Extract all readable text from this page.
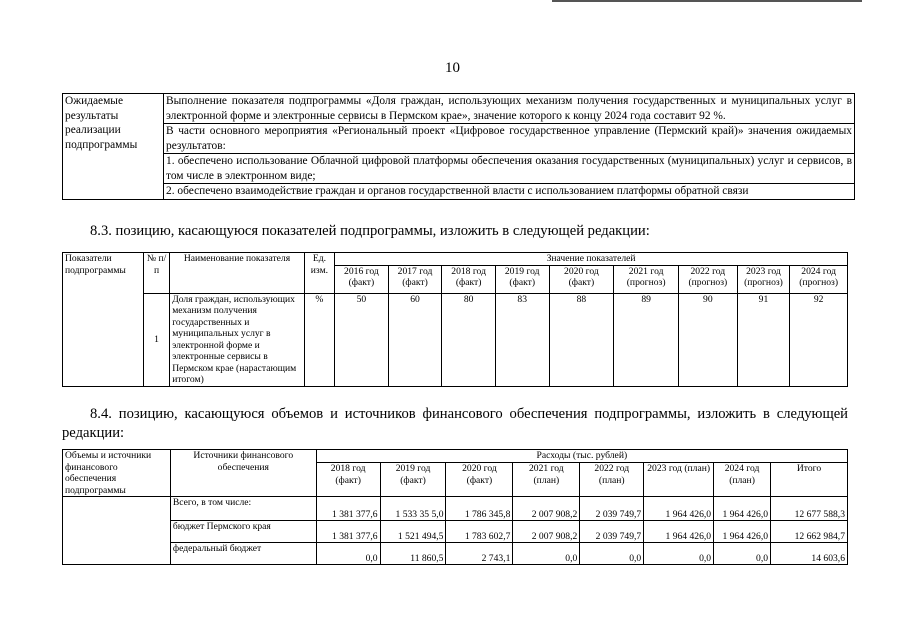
10
Ожидаемые результаты реализации подпрограммы	Выполнение показателя подпрограммы «Доля граждан, использующих механизм получения государственных и муниципальных услуг в электронной форме и электронные сервисы в Пермском крае», значение которого к концу 2024 года составит 92 %.
В части основного мероприятия «Региональный проект «Цифровое государственное управление (Пермский край)» значения ожидаемых результатов:
1. обеспечено использование Облачной цифровой платформы обеспечения оказания государственных (муниципальных) услуг и сервисов, в том числе в электронном виде;
2. обеспечено взаимодействие граждан и органов государственной власти с использованием платформы обратной связи
8.3. позицию, касающуюся показателей подпрограммы, изложить в следующей редакции:
Показатели подпрограммы	№ п/п	Наименование показателя	Ед. изм.	Значение показателей								
				2016 год (факт)	2017 год (факт)	2018 год (факт)	2019 год (факт)	2020 год (факт)	2021 год (прогноз)	2022 год (прогноз)	2023 год (прогноз)	2024 год (прогноз)
	1	Доля граждан, использующих механизм получения государственных и муниципальных услуг в электронной форме и электронные сервисы в Пермском крае (нарастающим итогом)	%	50	60	80	83	88	89	90	91	92
8.4. позицию, касающуюся объемов и источников финансового обеспечения подпрограммы, изложить в следующей редакции:
Объемы и источники финансового обеспечения подпрограммы	Источники финансового обеспечения	Расходы (тыс. рублей)							
		2018 год (факт)	2019 год (факт)	2020 год (факт)	2021 год (план)	2022 год (план)	2023 год (план)	2024 год (план)	Итого
	Всего, в том числе:	1 381 377,6	1 533 35 5,0	1 786 345,8	2 007 908,2	2 039 749,7	1 964 426,0	1 964 426,0	12 677 588,3
	бюджет Пермского края	1 381 377,6	1 521 494,5	1 783 602,7	2 007 908,2	2 039 749,7	1 964 426,0	1 964 426,0	12 662 984,7
	федеральный бюджет	0,0	11 860,5	2 743,1	0,0	0,0	0,0	0,0	14 603,6
